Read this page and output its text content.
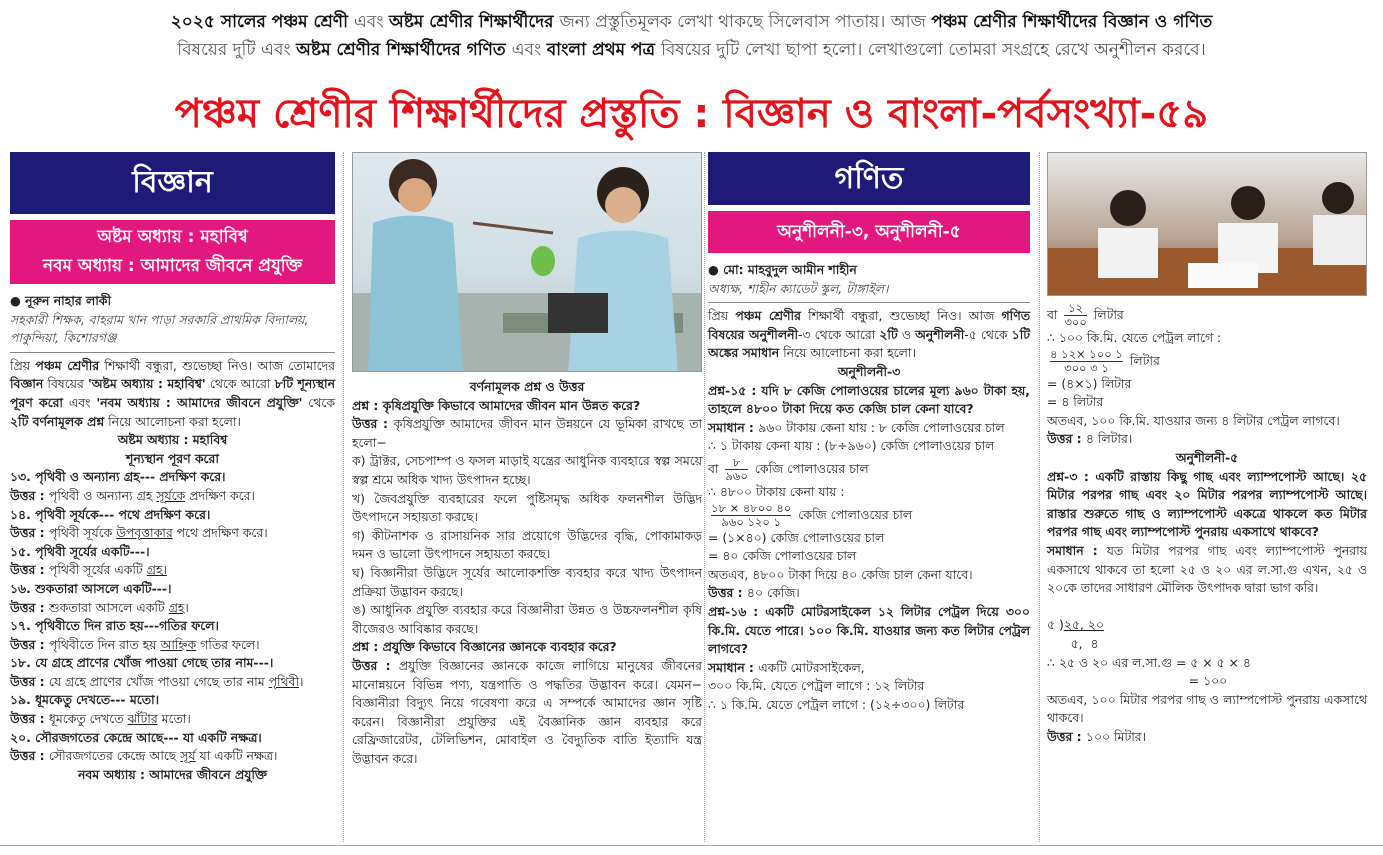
২০২৫ সালের পঞ্চম শ্রেণী এবং অষ্টম শ্রেণীর শিক্ষার্থীদের জন্য প্রস্তুতিমূলক লেখা থাকছে সিলেবাস পাতায়। আজ পঞ্চম শ্রেণীর শিক্ষার্থীদের বিজ্ঞান ও গণিত
বিষয়ের দুটি এবং অষ্টম শ্রেণীর শিক্ষার্থীদের গণিত এবং বাংলা প্রথম পত্র বিষয়ের দুটি লেখা ছাপা হলো। লেখাগুলো তোমরা সংগ্রহে রেখে অনুশীলন করবে।
পঞ্চম শ্রেণীর শিক্ষার্থীদের প্রস্তুতি : বিজ্ঞান ও বাংলা-পর্বসংখ্যা-৫৯
বিজ্ঞান
অষ্টম অধ্যায় : মহাবিশ্ব
নবম অধ্যায় : আমাদের জীবনে প্রযুক্তি
● নূরুন নাহার লাকী
সহকারী শিক্ষক, বাহরাম খান পাড়া সরকারি প্রাথমিক বিদ্যালয়, পাকুন্দিয়া, কিশোরগঞ্জ

প্রিয় পঞ্চম শ্রেণীর শিক্ষার্থী বন্ধুরা, শুভেচ্ছা নিও। আজ তোমাদের বিজ্ঞান বিষয়ের 'অষ্টম অধ্যায় : মহাবিশ্ব' থেকে আরো ৮টি শূন্যস্থান পূরণ করো এবং 'নবম অধ্যায় : আমাদের জীবনে প্রযুক্তি' থেকে ২টি বর্ণনামূলক প্রশ্ন নিয়ে আলোচনা করা হলো।

অষ্টম অধ্যায় : মহাবিশ্ব

শূন্যস্থান পূরণ করো

১৩. পৃথিবী ও অন্যান্য গ্রহ--- প্রদক্ষিণ করে।

উত্তর : পৃথিবী ও অন্যান্য গ্রহ সূর্যকে প্রদক্ষিণ করে।

১৪. পৃথিবী সূর্যকে--- পথে প্রদক্ষিণ করে।

উত্তর : পৃথিবী সূর্যকে উপবৃত্তাকার পথে প্রদক্ষিণ করে।

১৫. পৃথিবী সূর্যের একটি---।

উত্তর : পৃথিবী সূর্যের একটি গ্রহ।

১৬. শুকতারা আসলে একটি---।

উত্তর : শুকতারা আসলে একটি গ্রহ।

১৭. পৃথিবীতে দিন রাত হয়---গতির ফলে।

উত্তর : পৃথিবীতে দিন রাত হয় আহ্নিক গতির ফলে।

১৮. যে গ্রহে প্রাণের খোঁজ পাওয়া গেছে তার নাম---।

উত্তর : যে গ্রহে প্রাণের খোঁজ পাওয়া গেছে তার নাম পৃথিবী।

১৯. ধূমকেতু দেখতে--- মতো।

উত্তর : ধূমকেতু দেখতে ঝাঁটার মতো।

২০. সৌরজগতের কেন্দ্রে আছে--- যা একটি নক্ষত্র।

উত্তর : সৌরজগতের কেন্দ্রে আছে সূর্য যা একটি নক্ষত্র।

নবম অধ্যায় : আমাদের জীবনে প্রযুক্তি

বর্ণনামূলক প্রশ্ন ও উত্তর

প্রশ্ন : কৃষিপ্রযুক্তি কিভাবে আমাদের জীবন মান উন্নত করে?

উত্তর : কৃষিপ্রযুক্তি আমাদের জীবন মান উন্নয়নে যে ভূমিকা রাখছে তা হলো−

ক) ট্রাক্টর, সেচপাম্প ও ফসল মাড়াই যন্ত্রের আধুনিক ব্যবহারে স্বল্প সময়ে স্বল্প শ্রমে অধিক খাদ্য উৎপাদন হচ্ছে।

খ) জৈবপ্রযুক্তি ব্যবহারের ফলে পুষ্টিসমৃদ্ধ অধিক ফলনশীল উদ্ভিদ উৎপাদনে সহায়তা করছে।

গ) কীটনাশক ও রাসায়নিক সার প্রয়োগে উদ্ভিদের বৃদ্ধি, পোকামাকড় দমন ও ভালো উৎপাদনে সহায়তা করছে।

ঘ) বিজ্ঞানীরা উদ্ভিদে সূর্যের আলোকশক্তি ব্যবহার করে খাদ্য উৎপাদন প্রক্রিয়া উদ্ভাবন করছে।

ঙ) আধুনিক প্রযুক্তি ব্যবহার করে বিজ্ঞানীরা উন্নত ও উচ্চফলনশীল কৃষি বীজেরও আবিষ্কার করছে।

প্রশ্ন : প্রযুক্তি কিভাবে বিজ্ঞানের জ্ঞানকে ব্যবহার করে?

উত্তর : প্রযুক্তি বিজ্ঞানের জ্ঞানকে কাজে লাগিয়ে মানুষের জীবনের মানোন্নয়নে বিভিন্ন পণ্য, যন্ত্রপাতি ও পদ্ধতির উদ্ভাবন করে। যেমন− বিজ্ঞানীরা বিদ্যুৎ নিয়ে গবেষণা করে এ সম্পর্কে আমাদের জ্ঞান সৃষ্টি করেন। বিজ্ঞানীরা প্রযুক্তির এই বৈজ্ঞানিক জ্ঞান ব্যবহার করে রেফ্রিজারেটর, টেলিভিশন, মোবাইল ও বৈদ্যুতিক বাতি ইত্যাদি যন্ত্র উদ্ভাবন করে।

গণিত
অনুশীলনী-৩, অনুশীলনী-৫
● মো: মাহবুদুল আমীন শাহীন
অধ্যক্ষ, শাহীন ক্যাডেট স্কুল, টাঙ্গাইল।

প্রিয় পঞ্চম শ্রেণীর শিক্ষার্থী বন্ধুরা, শুভেচ্ছা নিও। আজ গণিত বিষয়ের অনুশীলনী-৩ থেকে আরো ২টি ও অনুশীলনী-৫ থেকে ১টি অঙ্কের সমাধান নিয়ে আলোচনা করা হলো।

অনুশীলনী-৩

প্রশ্ন-১৫ : যদি ৮ কেজি পোলাওয়ের চালের মূল্য ৯৬০ টাকা হয়, তাহলে ৪৮০০ টাকা দিয়ে কত কেজি চাল কেনা যাবে?

সমাধান : ৯৬০ টাকায় কেনা যায় : ৮ কেজি পোলাওয়ের চাল

∴ ১ টাকায় কেনা যায় : (৮÷৯৬০) কেজি পোলাওয়ের চাল

বা $\frac{৮}{৯৬০}$ কেজি পোলাওয়ের চাল

∴ ৪৮০০ টাকায় কেনা যায় :

$\frac{১৮ \times ৪৮০০ ৪০}{৯৬০ ১২০ ১}$ কেজি পোলাওয়ের চাল

= (১×৪০) কেজি পোলাওয়ের চাল

= ৪০ কেজি পোলাওয়ের চাল

অতএব, ৪৮০০ টাকা দিয়ে ৪০ কেজি চাল কেনা যাবে।

উত্তর : ৪০ কেজি।

প্রশ্ন-১৬ : একটি মোটরসাইকেল ১২ লিটার পেট্রল দিয়ে ৩০০ কি.মি. যেতে পারে। ১০০ কি.মি. যাওয়ার জন্য কত লিটার পেট্রল লাগবে?

সমাধান : একটি মোটরসাইকেল,

৩০০ কি.মি. যেতে পেট্রল লাগে : ১২ লিটার

∴ ১ কি.মি. যেতে পেট্রল লাগে : (১২÷৩০০) লিটার

বা $\frac{১২}{৩০০}$ লিটার

∴ ১০০ কি.মি. যেতে পেট্রল লাগে :

$\frac{৪ ১২\times ১০০ ১}{৩০০ ৩ ১}$ লিটার

= (৪×১) লিটার

= ৪ লিটার

অতএব, ১০০ কি.মি. যাওয়ার জন্য ৪ লিটার পেট্রল লাগবে।

উত্তর : ৪ লিটার।

অনুশীলনী-৫

প্রশ্ন-৩ : একটি রাস্তায় কিছু গাছ এবং ল্যাম্পপোস্ট আছে। ২৫ মিটার পরপর গাছ এবং ২০ মিটার পরপর ল্যাম্পপোস্ট আছে। রাস্তার শুরুতে গাছ ও ল্যাম্পপোস্ট একত্রে থাকলে কত মিটার পরপর গাছ এবং ল্যাম্পপোস্ট পুনরায় একসাথে থাকবে?

সমাধান : যত মিটার পরপর গাছ এবং ল্যাম্পপোস্ট পুনরায় একসাথে থাকবে তা হলো ২৫ ও ২০ এর ল.সা.গু এখন, ২৫ ও ২০কে তাদের সাধারণ মৌলিক উৎপাদক দ্বারা ভাগ করি।

৫ )২৫, ২০

৫,  ৪

∴ ২৫ ও ২০ এর ল.সা.গু = ৫ × ৫ × ৪

= ১০০

অতএব, ১০০ মিটার পরপর গাছ ও ল্যাম্পপোস্ট পুনরায় একসাথে থাকবে।

উত্তর : ১০০ মিটার।
